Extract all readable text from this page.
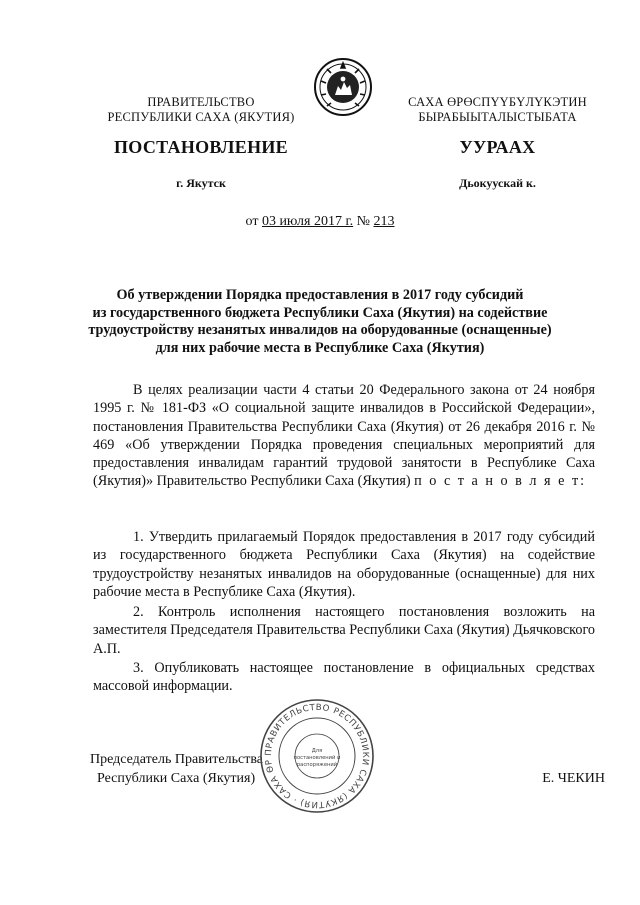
ПРАВИТЕЛЬСТВО
РЕСПУБЛИКИ САХА (ЯКУТИЯ)
САХА ӨРӨСПҮҮБҮЛҮКЭТИН
БЫРАБЫЫТАЛЫСТЫБАТА
ПОСТАНОВЛЕНИЕ	УУРААХ
г. Якутск	Дьокуускай к.
от 03 июля 2017 г. № 213
Об утверждении Порядка предоставления в 2017 году субсидий
из государственного бюджета Республики Саха (Якутия) на содействие
трудоустройству незанятых инвалидов на оборудованные (оснащенные)
для них рабочие места в Республике Саха (Якутия)

В целях реализации части 4 статьи 20 Федерального закона от 24 ноября 1995 г. № 181-ФЗ «О социальной защите инвалидов в Российской Федерации», постановления Правительства Республики Саха (Якутия) от 26 декабря 2016 г. № 469 «Об утверждении Порядка проведения специальных мероприятий для предоставления инвалидам гарантий трудовой занятости в Республике Саха (Якутия)» Правительство Республики Саха (Якутия) п о с т а н о в л я е т:

1. Утвердить прилагаемый Порядок предоставления в 2017 году субсидий из государственного бюджета Республики Саха (Якутия) на содействие трудоустройству незанятых инвалидов на оборудованные (оснащенные) для них рабочие места в Республике Саха (Якутия).

2. Контроль исполнения настоящего постановления возложить на заместителя Председателя Правительства Республики Саха (Якутия) Дьячковского А.П.

3. Опубликовать настоящее постановление в официальных средствах массовой информации.

Председатель Правительства
Республики Саха (Якутия)	Е. ЧЕКИН
ПРАВИТЕЛЬСТВО РЕСПУБЛИКИ САХА (ЯКУТИЯ) · САХА ӨР
Для
постановлений и
распоряжений
